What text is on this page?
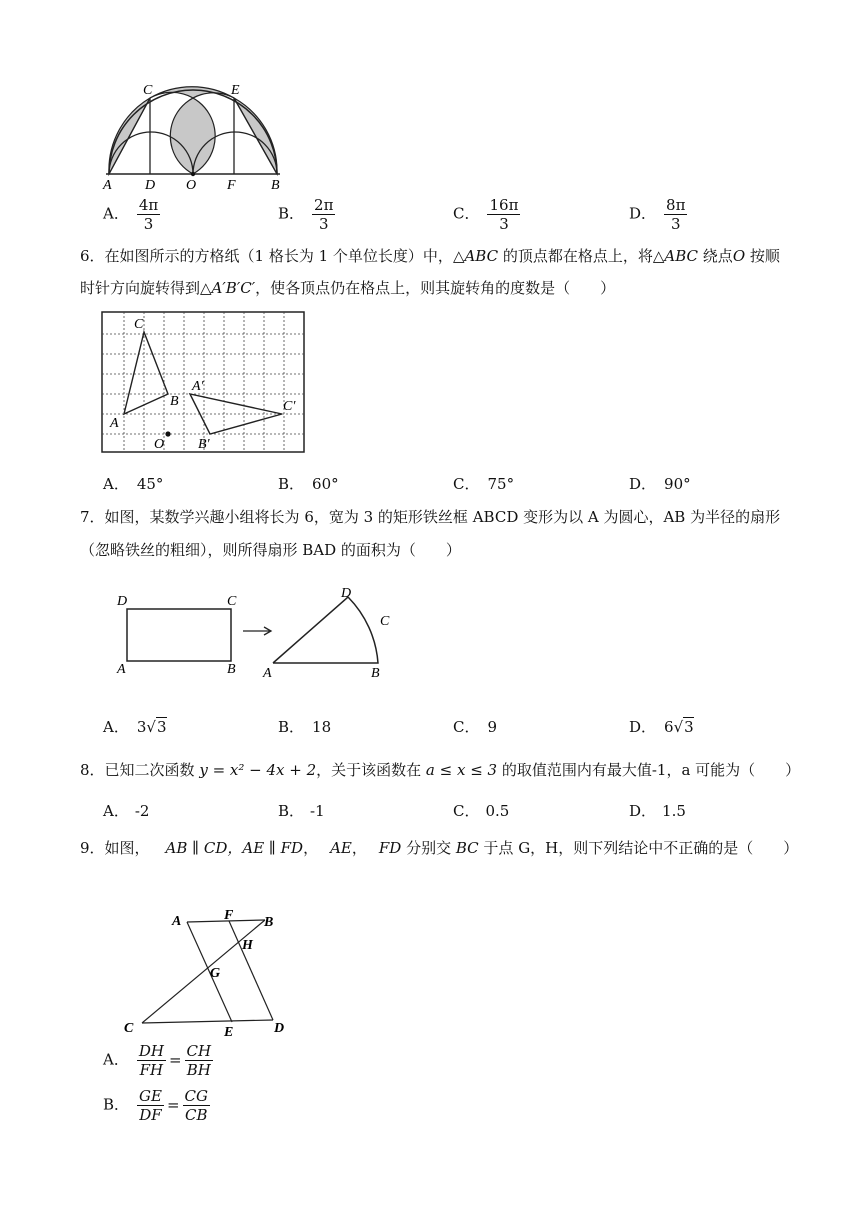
A D O F	B
C	E
A． $\frac{4\pi}{3}$	B． $\frac{2\pi}{3}$	C． $\frac{16\pi}{3}$	D． $\frac{8\pi}{3}$
6．在如图所示的方格纸（1 格长为 1 个单位长度）中，△ABC 的顶点都在格点上，将△ABC 绕点O 按顺
时针方向旋转得到△A′B′C′，使各顶点仍在格点上，则其旋转角的度数是（　　）
C
A
B
O
A′
B′
C′
A． 45°	B． 60°	C． 75°	D． 90°
7．如图，某数学兴趣小组将长为 6，宽为 3 的矩形铁丝框 ABCD 变形为以 A 为圆心，AB 为半径的扇形
（忽略铁丝的粗细），则所得扇形 BAD 的面积为（　　）
D	C
A	B
D
C
A	B
A． 3√3	B． 18	C． 9	D． 6√3
8．已知二次函数 y = x² − 4x + 2，关于该函数在 a ≤ x ≤ 3 的取值范围内有最大值-1，a 可能为（　　）
A． -2	B． -1	C． 0.5	D． 1.5
9．如图， AB ∥ CD，AE ∥ FD， AE， FD 分别交 BC 于点 G，H，则下列结论中不正确的是（　　）
A	F B
H
G
C	E	D
A． $\frac{DH}{FH} = \frac{CH}{BH}$
B． $\frac{GE}{DF} = \frac{CG}{CB}$
